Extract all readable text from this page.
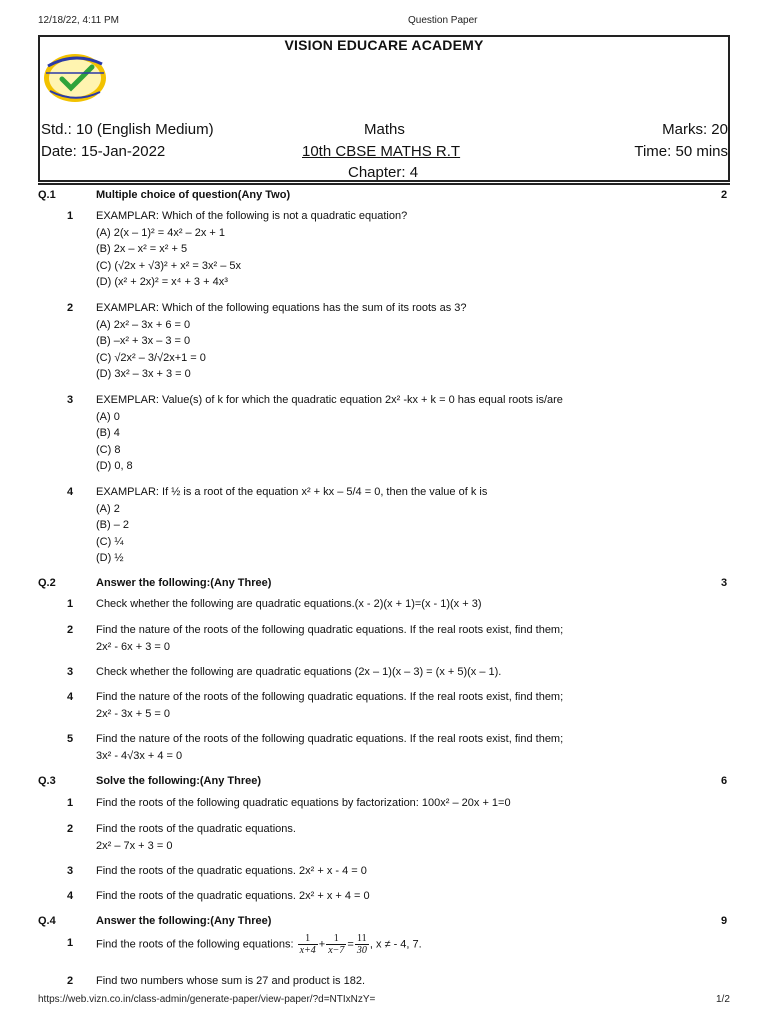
12/18/22, 4:11 PM	Question Paper
https://web.vizn.co.in/class-admin/generate-paper/view-paper/?d=NTIxNzY=	1/2
VISION EDUCARE ACADEMY
Std.: 10 (English Medium)	Maths	Marks: 20
Date: 15-Jan-2022	10th CBSE MATHS R.T	Time: 50 mins
Chapter: 4
Q.1	Multiple choice of question(Any Two)	2
1 EXAMPLAR: Which of the following is not a quadratic equation?
(A) 2(x – 1)² = 4x² – 2x + 1
(B) 2x – x² = x² + 5
(C) (√2x + √3)² + x² = 3x² – 5x
(D) (x² + 2x)² = x⁴ + 3 + 4x³
2 EXAMPLAR: Which of the following equations has the sum of its roots as 3?
(A) 2x² – 3x + 6 = 0
(B) –x² + 3x – 3 = 0
(C) √2x² – 3/√2x+1 = 0
(D) 3x² – 3x + 3 = 0
3 EXEMPLAR: Value(s) of k for which the quadratic equation 2x² -kx + k = 0 has equal roots is/are
(A) 0
(B) 4
(C) 8
(D) 0, 8
4 EXAMPLAR: If ½ is a root of the equation x² + kx – 5/4 = 0, then the value of k is
(A) 2
(B) – 2
(C) ¼
(D) ½
Q.2	Answer the following:(Any Three)	3
1 Check whether the following are quadratic equations.(x - 2)(x + 1)=(x - 1)(x + 3)
2 Find the nature of the roots of the following quadratic equations. If the real roots exist, find them;
2x² - 6x + 3 = 0
3 Check whether the following are quadratic equations (2x – 1)(x – 3) = (x + 5)(x – 1).
4 Find the nature of the roots of the following quadratic equations. If the real roots exist, find them;
2x² - 3x + 5 = 0
5 Find the nature of the roots of the following quadratic equations. If the real roots exist, find them;
3x² - 4√3x + 4 = 0
Q.3	Solve the following:(Any Three)	6
1 Find the roots of the following quadratic equations by factorization: 100x² – 20x + 1=0
2 Find the roots of the quadratic equations.
2x² – 7x + 3 = 0
3 Find the roots of the quadratic equations. 2x² + x - 4 = 0
4 Find the roots of the quadratic equations. 2x² + x + 4 = 0
Q.4	Answer the following:(Any Three)	9
1 Find the roots of the following equations: $\frac{1}{x+4} + \frac{1}{x-7} = \frac{11}{30}$ , x ≠ - 4, 7.
2 Find two numbers whose sum is 27 and product is 182.
